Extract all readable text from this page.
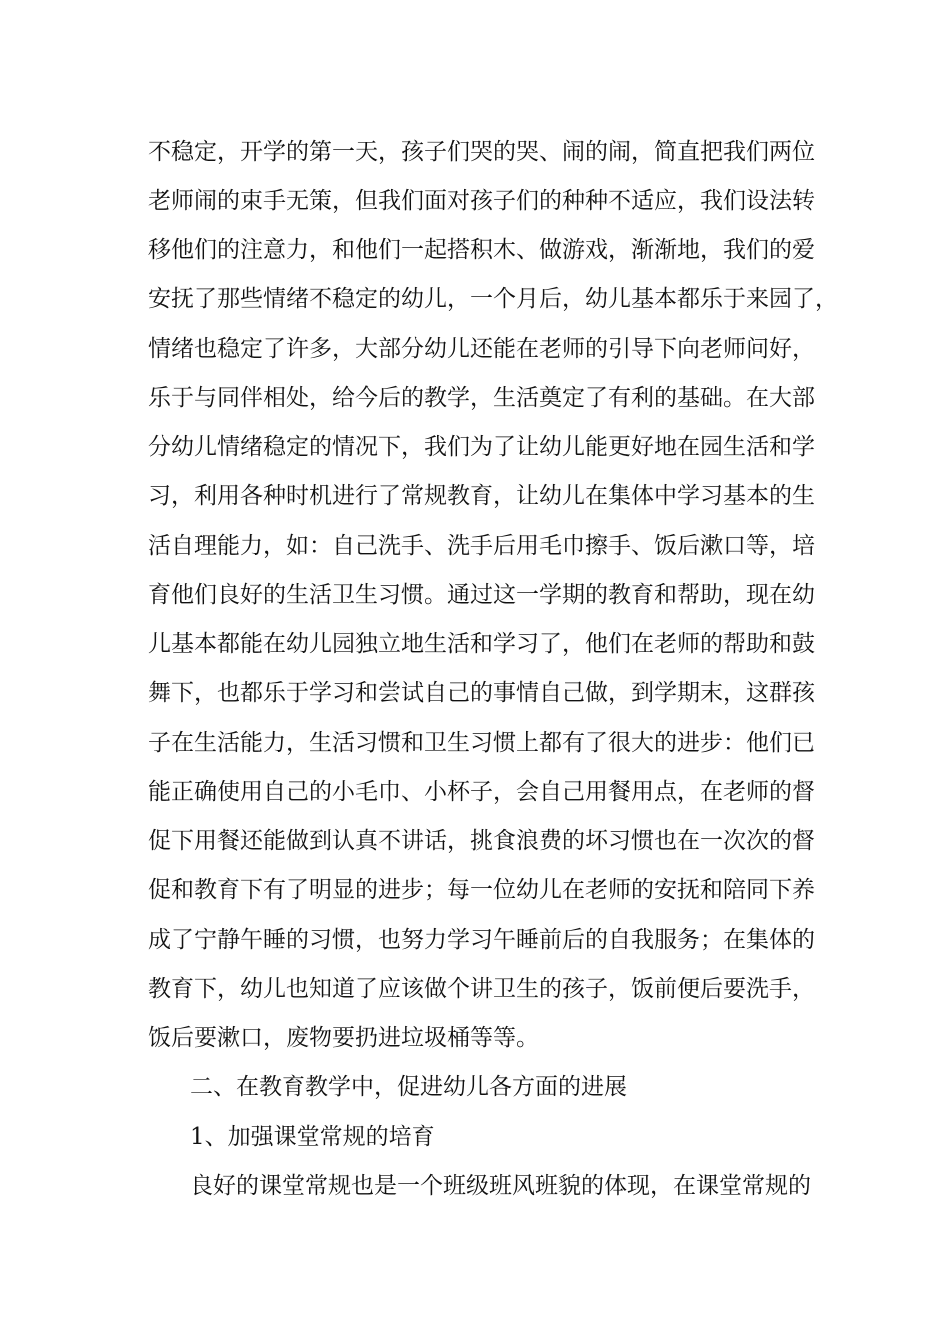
不稳定，开学的第一天，孩子们哭的哭、闹的闹，简直把我们两位
老师闹的束手无策，但我们面对孩子们的种种不适应，我们设法转
移他们的注意力，和他们一起搭积木、做游戏，渐渐地，我们的爱
安抚了那些情绪不稳定的幼儿，一个月后，幼儿基本都乐于来园了，
情绪也稳定了许多，大部分幼儿还能在老师的引导下向老师问好，
乐于与同伴相处，给今后的教学，生活奠定了有利的基础。在大部
分幼儿情绪稳定的情况下，我们为了让幼儿能更好地在园生活和学
习，利用各种时机进行了常规教育，让幼儿在集体中学习基本的生
活自理能力，如：自己洗手、洗手后用毛巾擦手、饭后漱口等，培
育他们良好的生活卫生习惯。通过这一学期的教育和帮助，现在幼
儿基本都能在幼儿园独立地生活和学习了，他们在老师的帮助和鼓
舞下，也都乐于学习和尝试自己的事情自己做，到学期末，这群孩
子在生活能力，生活习惯和卫生习惯上都有了很大的进步：他们已
能正确使用自己的小毛巾、小杯子，会自己用餐用点，在老师的督
促下用餐还能做到认真不讲话，挑食浪费的坏习惯也在一次次的督
促和教育下有了明显的进步；每一位幼儿在老师的安抚和陪同下养
成了宁静午睡的习惯，也努力学习午睡前后的自我服务；在集体的
教育下，幼儿也知道了应该做个讲卫生的孩子，饭前便后要洗手，
饭后要漱口，废物要扔进垃圾桶等等。
二、在教育教学中，促进幼儿各方面的进展
1、加强课堂常规的培育
良好的课堂常规也是一个班级班风班貌的体现，在课堂常规的
